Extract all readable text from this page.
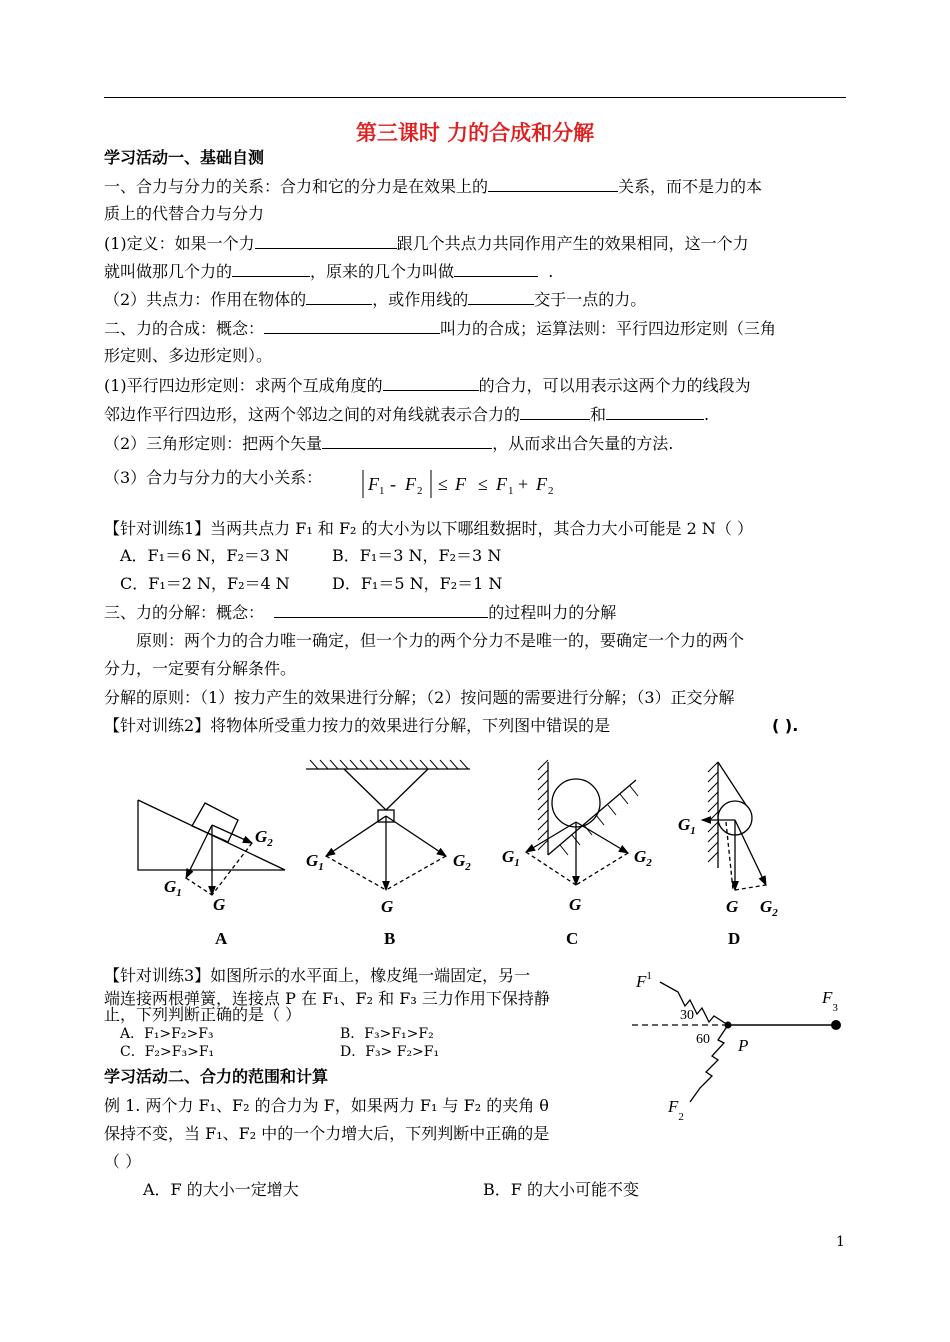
第三课时 力的合成和分解
学习活动一、基础自测
一、合力与分力的关系：合力和它的分力是在效果上的	关系，而不是力的本
质上的代替合力与分力
(1)定义：如果一个力	跟几个共点力共同作用产生的效果相同，这一个力
就叫做那几个力的	，原来的几个力叫做	.
（2）共点力：作用在物体的	，或作用线的	交于一点的力。
二、力的合成：概念：	叫力的合成；运算法则：平行四边形定则（三角
形定则、多边形定则）。
(1)平行四边形定则：求两个互成角度的	的合力，可以用表示这两个力的线段为
邻边作平行四边形，这两个邻边之间的对角线就表示合力的	和	.
（2）三角形定则：把两个矢量	，从而求出合矢量的方法.
（3）合力与分力的大小关系：	F 1 - F 2 ≤ F ≤ F 1 + F 2
【针对训练1】当两共点力 F₁ 和 F₂ 的大小为以下哪组数据时，其合力大小可能是 2 N（ ）
A．F₁＝6 N，F₂＝3 N	B．F₁＝3 N，F₂＝3 N
C．F₁＝2 N，F₂＝4 N	D．F₁＝5 N，F₂＝1 N
三、力的分解：概念：	的过程叫力的分解
原则：两个力的合力唯一确定，但一个力的两个分力不是唯一的，要确定一个力的两个
分力，一定要有分解条件。
分解的原则：（1）按力产生的效果进行分解；（2）按问题的需要进行分解；（3）正交分解
【针对训练2】将物体所受重力按力的效果进行分解，下列图中错误的是	( ).
$G_2$
$G_1$
G
$G_1$	$G_2$
G
$G_1$	$G_2$
G
$G_1$
G $G_2$
A	B	C	D
【针对训练3】如图所示的水平面上，橡皮绳一端固定，另一
端连接两根弹簧，连接点 P 在 F₁、F₂ 和 F₃ 三力作用下保持静
止，下列判断正确的是（ ）
A．F₁>F₂>F₃	B．F₃>F₁>F₂
C．F₂>F₃>F₁	D．F₃> F₂>F₁
$F^1$
$F_3$
$F_2$
P
30
60
学习活动二、合力的范围和计算
例 1. 两个力 F₁、F₂ 的合力为 F，如果两力 F₁ 与 F₂ 的夹角 θ
保持不变，当 F₁、F₂ 中的一个力增大后，下列判断中正确的是
（ ）
A．F 的大小一定增大	B．F 的大小可能不变
1
